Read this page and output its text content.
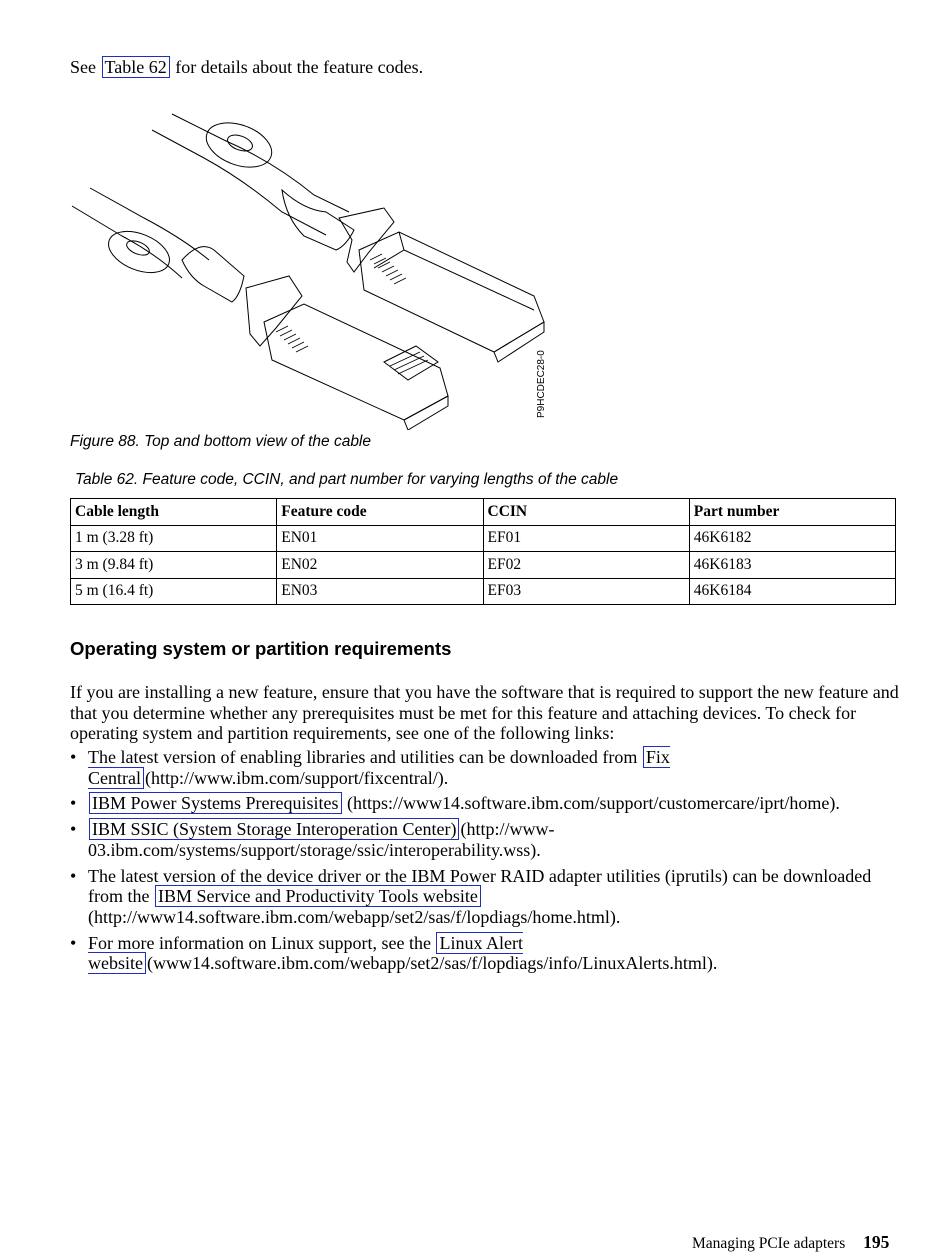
See Table 62 for details about the feature codes.
P9HCDEC28-0
Figure 88. Top and bottom view of the cable
Table 62. Feature code, CCIN, and part number for varying lengths of the cable
Cable length	Feature code	CCIN	Part number
1 m (3.28 ft)	EN01	EF01	46K6182
3 m (9.84 ft)	EN02	EF02	46K6183
5 m (16.4 ft)	EN03	EF03	46K6184
Operating system or partition requirements
If you are installing a new feature, ensure that you have the software that is required to support the new feature and that you determine whether any prerequisites must be met for this feature and attaching devices. To check for operating system and partition requirements, see one of the following links:
• The latest version of enabling libraries and utilities can be downloaded from Fix Central (http://www.ibm.com/support/fixcentral/).
• IBM Power Systems Prerequisites (https://www14.software.ibm.com/support/customercare/iprt/home).
• IBM SSIC (System Storage Interoperation Center) (http://www-03.ibm.com/systems/support/storage/ssic/interoperability.wss).
• The latest version of the device driver or the IBM Power RAID adapter utilities (iprutils) can be downloaded from the IBM Service and Productivity Tools website (http://www14.software.ibm.com/webapp/set2/sas/f/lopdiags/home.html).
• For more information on Linux support, see the Linux Alert website (www14.software.ibm.com/webapp/set2/sas/f/lopdiags/info/LinuxAlerts.html).
Managing PCIe adapters 195
